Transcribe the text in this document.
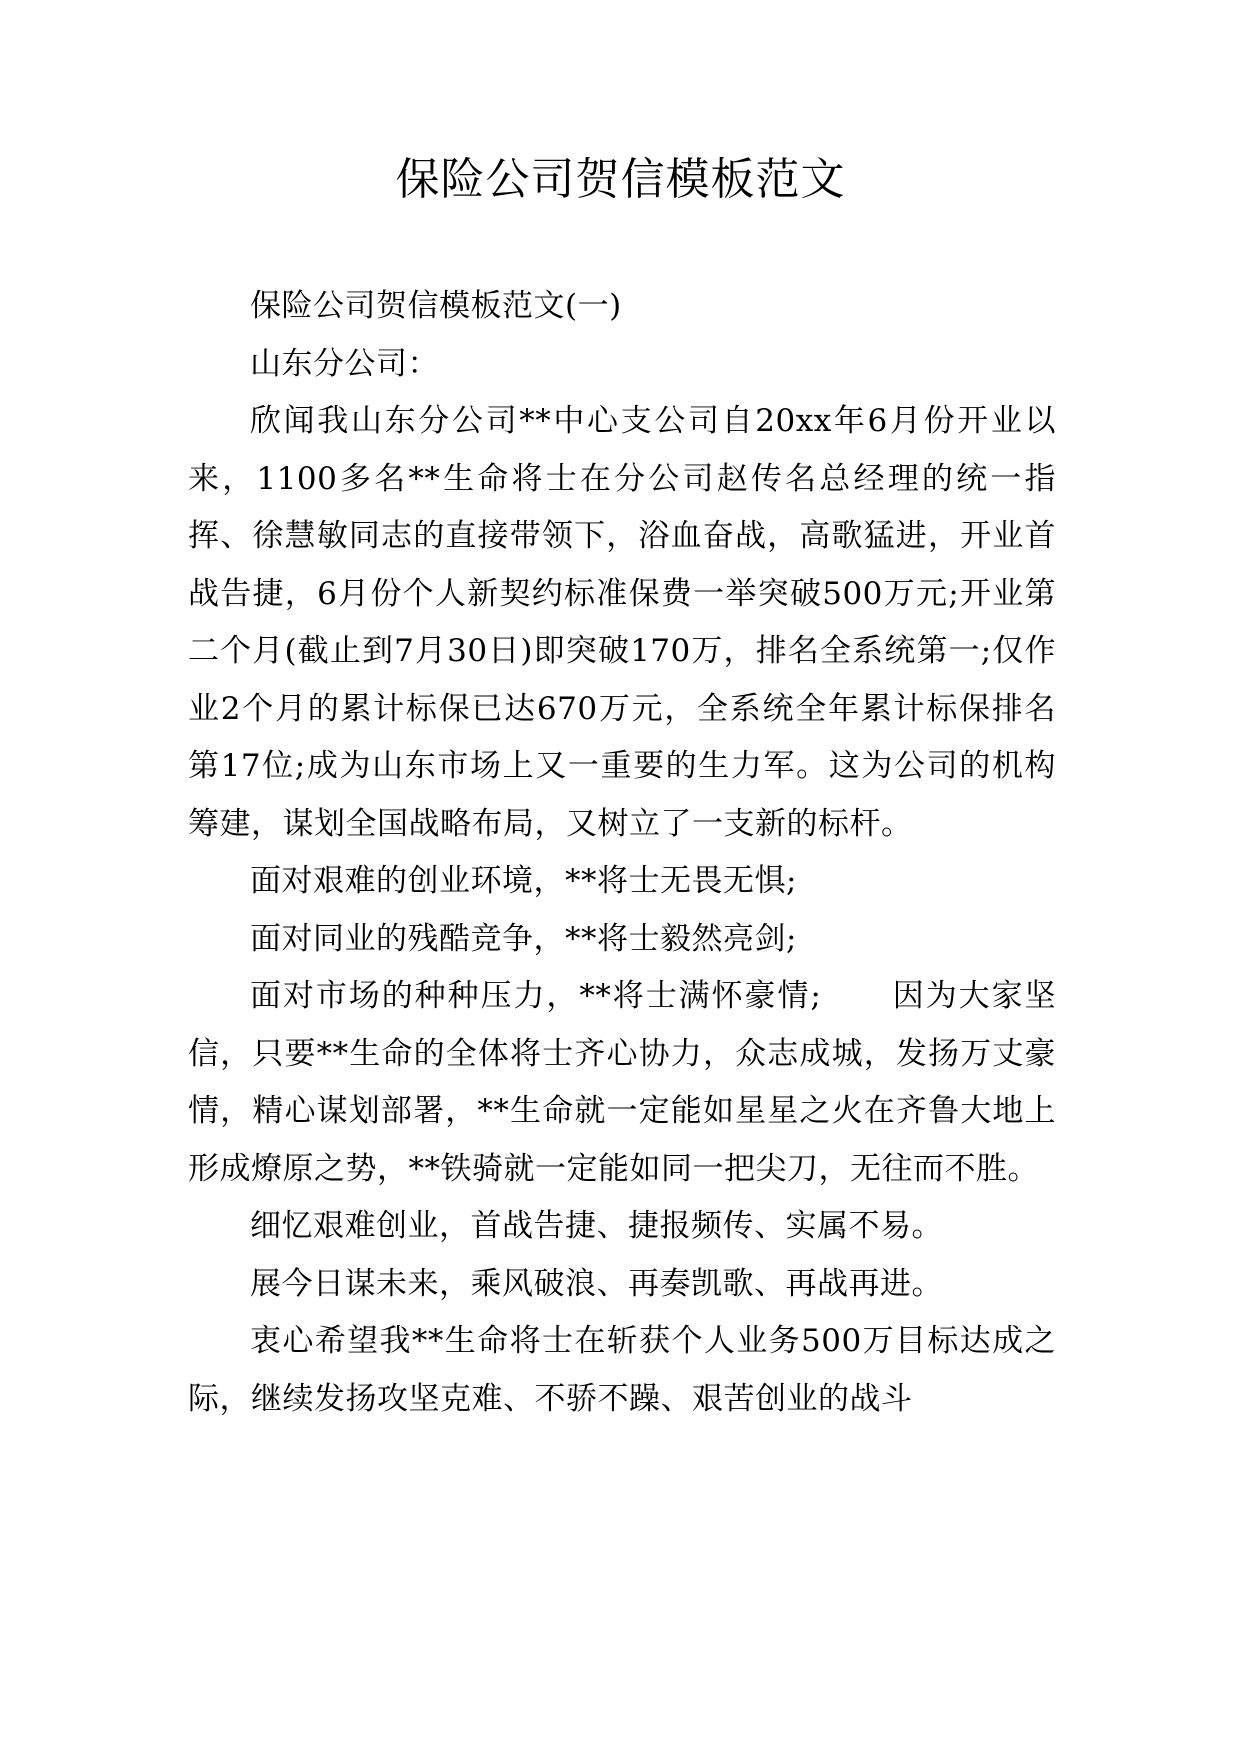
保险公司贺信模板范文

保险公司贺信模板范文(一)

山东分公司：

欣闻我山东分公司**中心支公司自20xx年6月份开业以来，1100多名**生命将士在分公司赵传名总经理的统一指挥、徐慧敏同志的直接带领下，浴血奋战，高歌猛进，开业首战告捷，6月份个人新契约标准保费一举突破500万元;开业第二个月(截止到7月30日)即突破170万，排名全系统第一;仅作业2个月的累计标保已达670万元，全系统全年累计标保排名第17位;成为山东市场上又一重要的生力军。这为公司的机构筹建，谋划全国战略布局，又树立了一支新的标杆。

面对艰难的创业环境，**将士无畏无惧;

面对同业的残酷竞争，**将士毅然亮剑;

面对市场的种种压力，**将士满怀豪情; 因为大家坚信，只要**生命的全体将士齐心协力，众志成城，发扬万丈豪情，精心谋划部署，**生命就一定能如星星之火在齐鲁大地上形成燎原之势，**铁骑就一定能如同一把尖刀，无往而不胜。

细忆艰难创业，首战告捷、捷报频传、实属不易。

展今日谋未来，乘风破浪、再奏凯歌、再战再进。

衷心希望我**生命将士在斩获个人业务500万目标达成之际，继续发扬攻坚克难、不骄不躁、艰苦创业的战斗
